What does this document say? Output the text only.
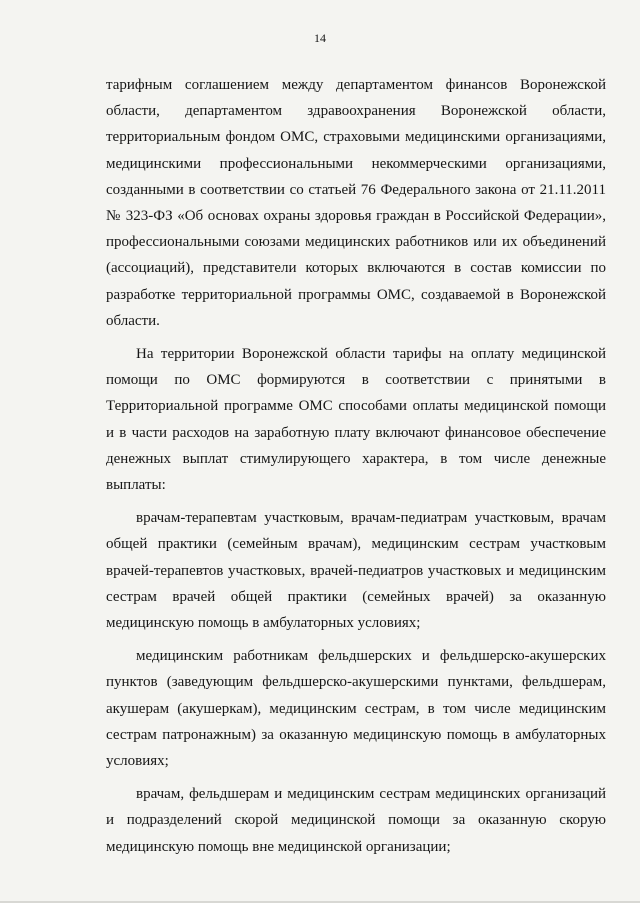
14

тарифным соглашением между департаментом финансов Воронежской

области, департаментом здравоохранения Воронежской области,

территориальным фондом ОМС, страховыми медицинскими организациями,

медицинскими профессиональными некоммерческими организациями,

созданными в соответствии со статьей 76 Федерального закона от 21.11.2011

№ 323-ФЗ «Об основах охраны здоровья граждан в Российской Федерации»,

профессиональными союзами медицинских работников или их объединений

(ассоциаций), представители которых включаются в состав комиссии по

разработке территориальной программы ОМС, создаваемой в Воронежской

области.

На территории Воронежской области тарифы на оплату медицинской

помощи по ОМС формируются в соответствии с принятыми в

Территориальной программе ОМС способами оплаты медицинской помощи

и в части расходов на заработную плату включают финансовое обеспечение

денежных выплат стимулирующего характера, в том числе денежные

выплаты:

врачам-терапевтам участковым, врачам-педиатрам участковым, врачам

общей практики (семейным врачам), медицинским сестрам участковым

врачей-терапевтов участковых, врачей-педиатров участковых и медицинским

сестрам врачей общей практики (семейных врачей) за оказанную

медицинскую помощь в амбулаторных условиях;

медицинским работникам фельдшерских и фельдшерско-акушерских

пунктов (заведующим фельдшерско-акушерскими пунктами, фельдшерам,

акушерам (акушеркам), медицинским сестрам, в том числе медицинским

сестрам патронажным) за оказанную медицинскую помощь в амбулаторных

условиях;

врачам, фельдшерам и медицинским сестрам медицинских организаций

и подразделений скорой медицинской помощи за оказанную скорую

медицинскую помощь вне медицинской организации;
